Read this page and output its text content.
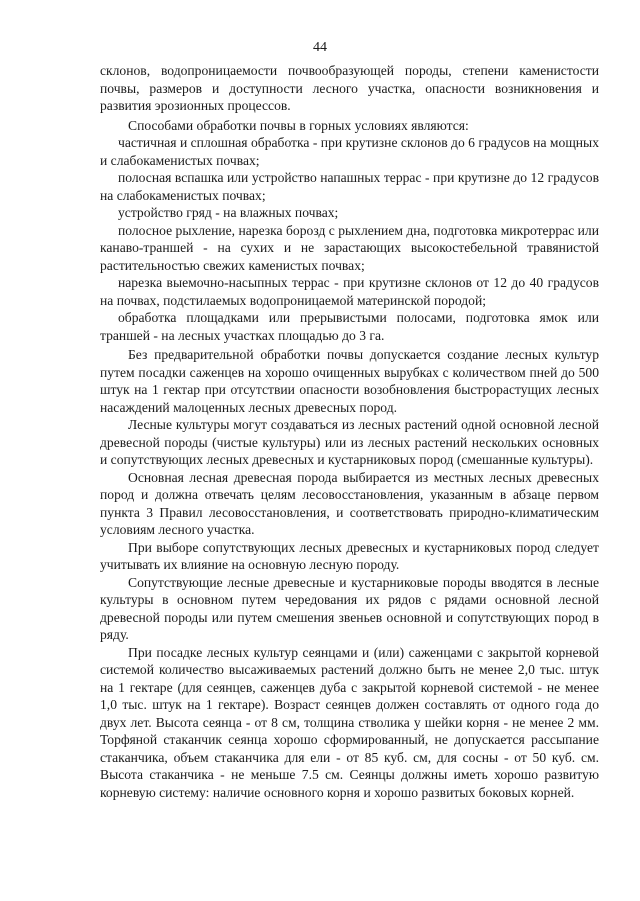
44

склонов, водопроницаемости почвообразующей породы, степени каменистости почвы, размеров и доступности лесного участка, опасности возникновения и развития эрозионных процессов.

Способами обработки почвы в горных условиях являются:

частичная и сплошная обработка - при крутизне склонов до 6 градусов на мощных и слабокаменистых почвах;

полосная вспашка или устройство напашных террас - при крутизне до 12 градусов на слабокаменистых почвах;

устройство гряд - на влажных почвах;

полосное рыхление, нарезка борозд с рыхлением дна, подготовка микротеррас или канаво-траншей - на сухих и не зарастающих высокостебельной травянистой растительностью свежих каменистых почвах;

нарезка выемочно-насыпных террас - при крутизне склонов от 12 до 40 градусов на почвах, подстилаемых водопроницаемой материнской породой;

обработка площадками или прерывистыми полосами, подготовка ямок или траншей - на лесных участках площадью до 3 га.

Без предварительной обработки почвы допускается создание лесных культур путем посадки саженцев на хорошо очищенных вырубках с количеством пней до 500 штук на 1 гектар при отсутствии опасности возобновления быстрорастущих лесных насаждений малоценных лесных древесных пород.

Лесные культуры могут создаваться из лесных растений одной основной лесной древесной породы (чистые культуры) или из лесных растений нескольких основных и сопутствующих лесных древесных и кустарниковых пород (смешанные культуры).

Основная лесная древесная порода выбирается из местных лесных древесных пород и должна отвечать целям лесовосстановления, указанным в абзаце первом пункта 3 Правил лесовосстановления, и соответствовать природно-климатическим условиям лесного участка.

При выборе сопутствующих лесных древесных и кустарниковых пород следует учитывать их влияние на основную лесную породу.

Сопутствующие лесные древесные и кустарниковые породы вводятся в лесные культуры в основном путем чередования их рядов с рядами основной лесной древесной породы или путем смешения звеньев основной и сопутствующих пород в ряду.

При посадке лесных культур сеянцами и (или) саженцами с закрытой корневой системой количество высаживаемых растений должно быть не менее 2,0 тыс. штук на 1 гектаре (для сеянцев, саженцев дуба с закрытой корневой системой - не менее 1,0 тыс. штук на 1 гектаре). Возраст сеянцев должен составлять от одного года до двух лет. Высота сеянца - от 8 см, толщина стволика у шейки корня - не менее 2 мм. Торфяной стаканчик сеянца хорошо сформированный, не допускается рассыпание стаканчика, объем стаканчика для ели - от 85 куб. см, для сосны - от 50 куб. см. Высота стаканчика - не меньше 7.5 см. Сеянцы должны иметь хорошо развитую корневую систему: наличие основного корня и хорошо развитых боковых корней.
